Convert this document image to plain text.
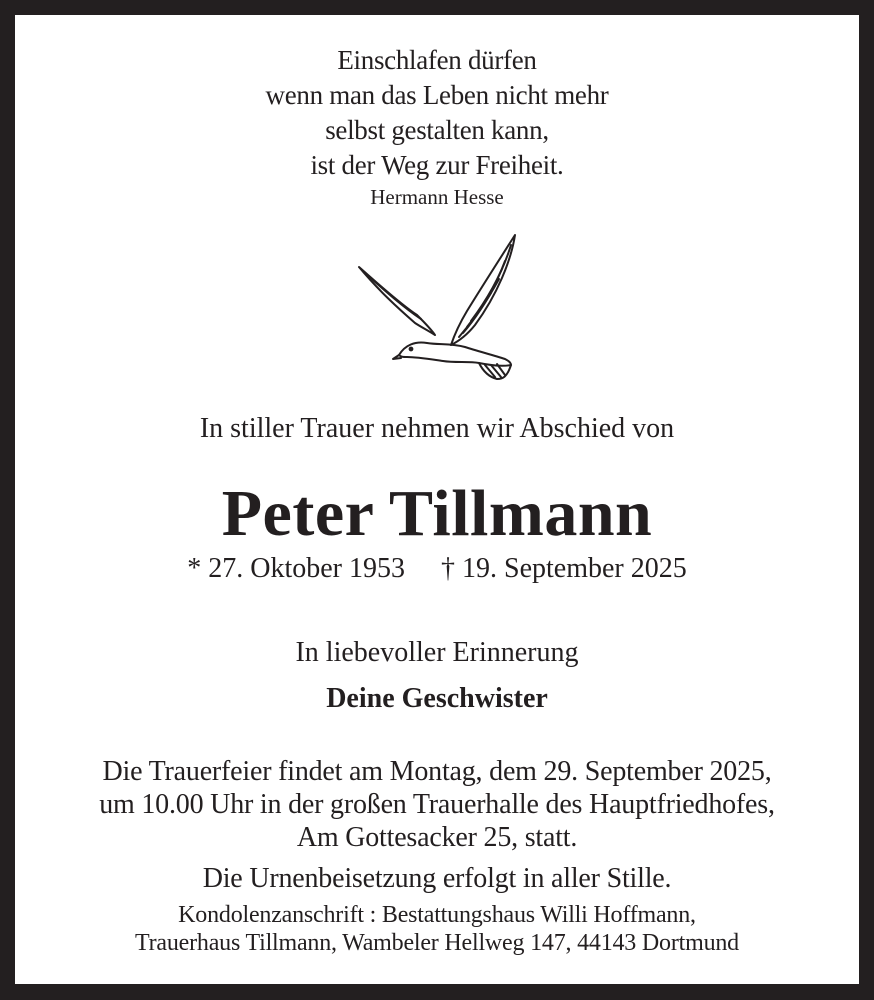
Einschlafen dürfen
wenn man das Leben nicht mehr
selbst gestalten kann,
ist der Weg zur Freiheit.
Hermann Hesse
In stiller Trauer nehmen wir Abschied von
Peter Tillmann
* 27. Oktober 1953 † 19. September 2025
In liebevoller Erinnerung
Deine Geschwister
Die Trauerfeier findet am Montag, dem 29. September 2025,
um 10.00 Uhr in der großen Trauerhalle des Hauptfriedhofes,
Am Gottesacker 25, statt.
Die Urnenbeisetzung erfolgt in aller Stille.
Kondolenzanschrift : Bestattungshaus Willi Hoffmann,
Trauerhaus Tillmann, Wambeler Hellweg 147, 44143 Dortmund
